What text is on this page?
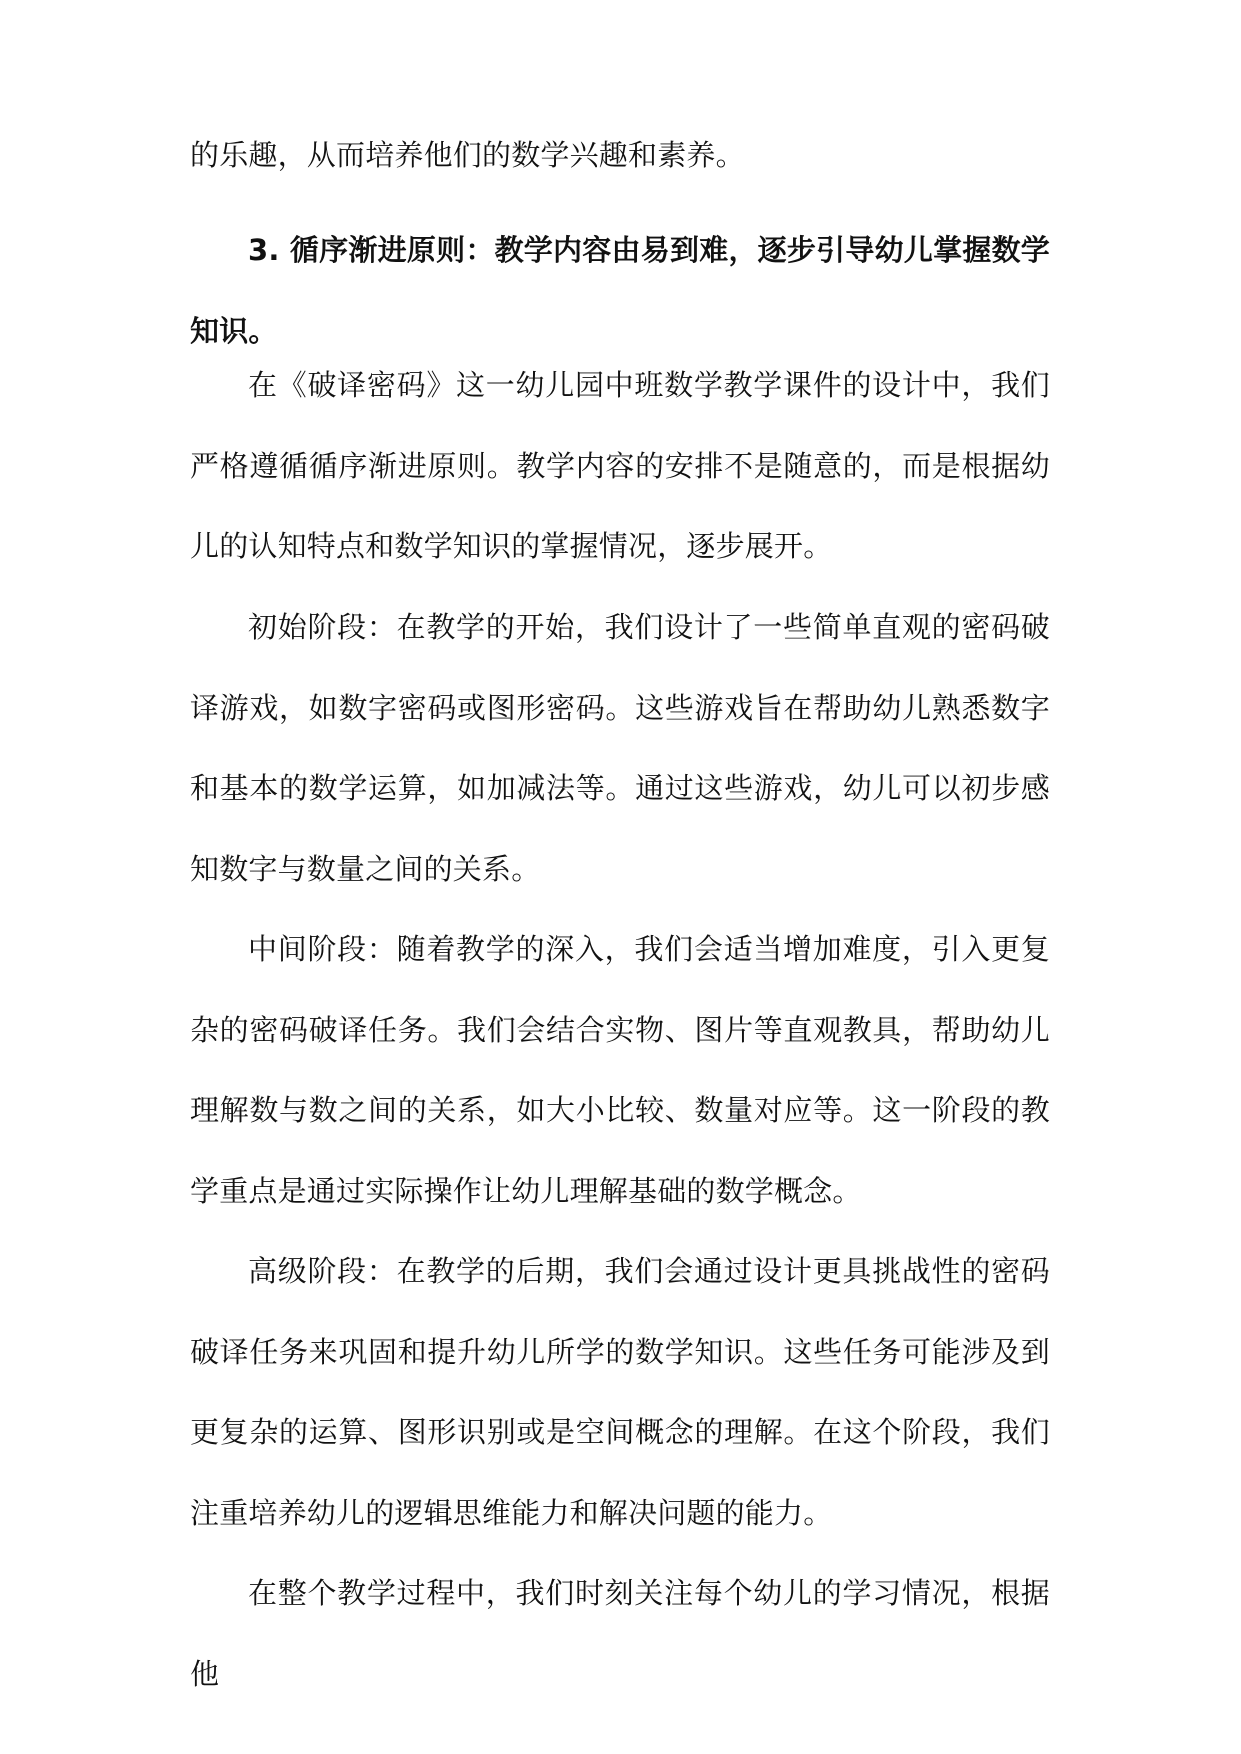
的乐趣，从而培养他们的数学兴趣和素养。

3. 循序渐进原则：教学内容由易到难，逐步引导幼儿掌握数学知识。

在《破译密码》这一幼儿园中班数学教学课件的设计中，我们严格遵循循序渐进原则。教学内容的安排不是随意的，而是根据幼儿的认知特点和数学知识的掌握情况，逐步展开。

初始阶段：在教学的开始，我们设计了一些简单直观的密码破译游戏，如数字密码或图形密码。这些游戏旨在帮助幼儿熟悉数字和基本的数学运算，如加减法等。通过这些游戏，幼儿可以初步感知数字与数量之间的关系。

中间阶段：随着教学的深入，我们会适当增加难度，引入更复杂的密码破译任务。我们会结合实物、图片等直观教具，帮助幼儿理解数与数之间的关系，如大小比较、数量对应等。这一阶段的教学重点是通过实际操作让幼儿理解基础的数学概念。

高级阶段：在教学的后期，我们会通过设计更具挑战性的密码破译任务来巩固和提升幼儿所学的数学知识。这些任务可能涉及到更复杂的运算、图形识别或是空间概念的理解。在这个阶段，我们注重培养幼儿的逻辑思维能力和解决问题的能力。

在整个教学过程中，我们时刻关注每个幼儿的学习情况，根据他
